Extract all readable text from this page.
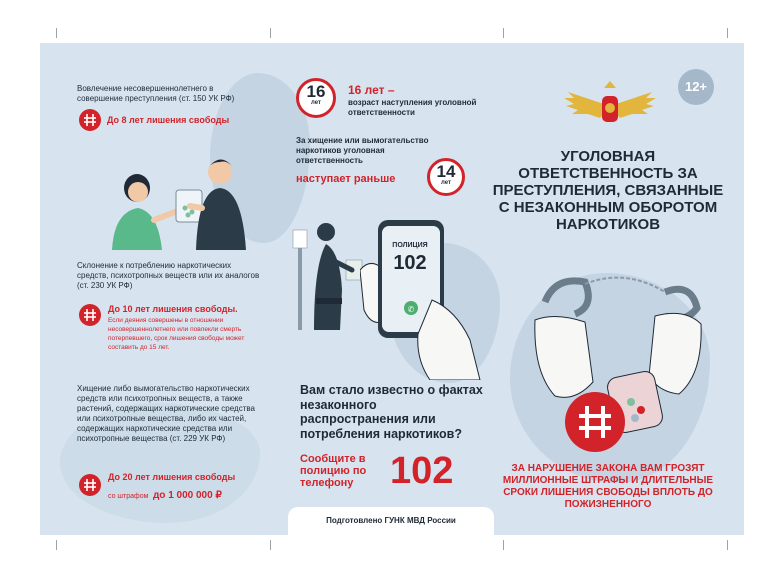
Вовлечение несовершеннолетнего в совершение преступления (ст. 150 УК РФ)
До 8 лет лишения свободы
Склонение к потреблению наркотических средств, психотропных веществ или их аналогов (ст. 230 УК РФ)
До 10 лет лишения свободы.
Если деяния совершены в отношении несовершеннолетнего или повлекли смерть потерпевшего, срок лишения свободы может составить до 15 лет.
Хищение либо вымогательство наркотических средств или психотропных веществ, а также растений, содержащих наркотические средства или психотропные вещества, либо их частей, содержащих наркотические средства или психотропные вещества (ст. 229 УК РФ)
До 20 лет лишения свободы
со штрафом до 1 000 000 ₽
16
лет
16 лет –
возраст наступления уголовной ответственности
За хищение или вымогательство наркотиков уголовная ответственность
наступает раньше	14
лет
ПОЛИЦИЯ
102
✆
Вам стало известно о фактах незаконного распространения или потребления наркотиков?
Сообщите в полицию по телефону 102
Подготовлено ГУНК МВД России
12+
УГОЛОВНАЯ ОТВЕТСТВЕННОСТЬ ЗА ПРЕСТУПЛЕНИЯ, СВЯЗАННЫЕ С НЕЗАКОННЫМ ОБОРОТОМ НАРКОТИКОВ
ЗА НАРУШЕНИЕ ЗАКОНА ВАМ ГРОЗЯТ МИЛЛИОННЫЕ ШТРАФЫ И ДЛИТЕЛЬНЫЕ СРОКИ ЛИШЕНИЯ СВОБОДЫ ВПЛОТЬ ДО ПОЖИЗНЕННОГО
